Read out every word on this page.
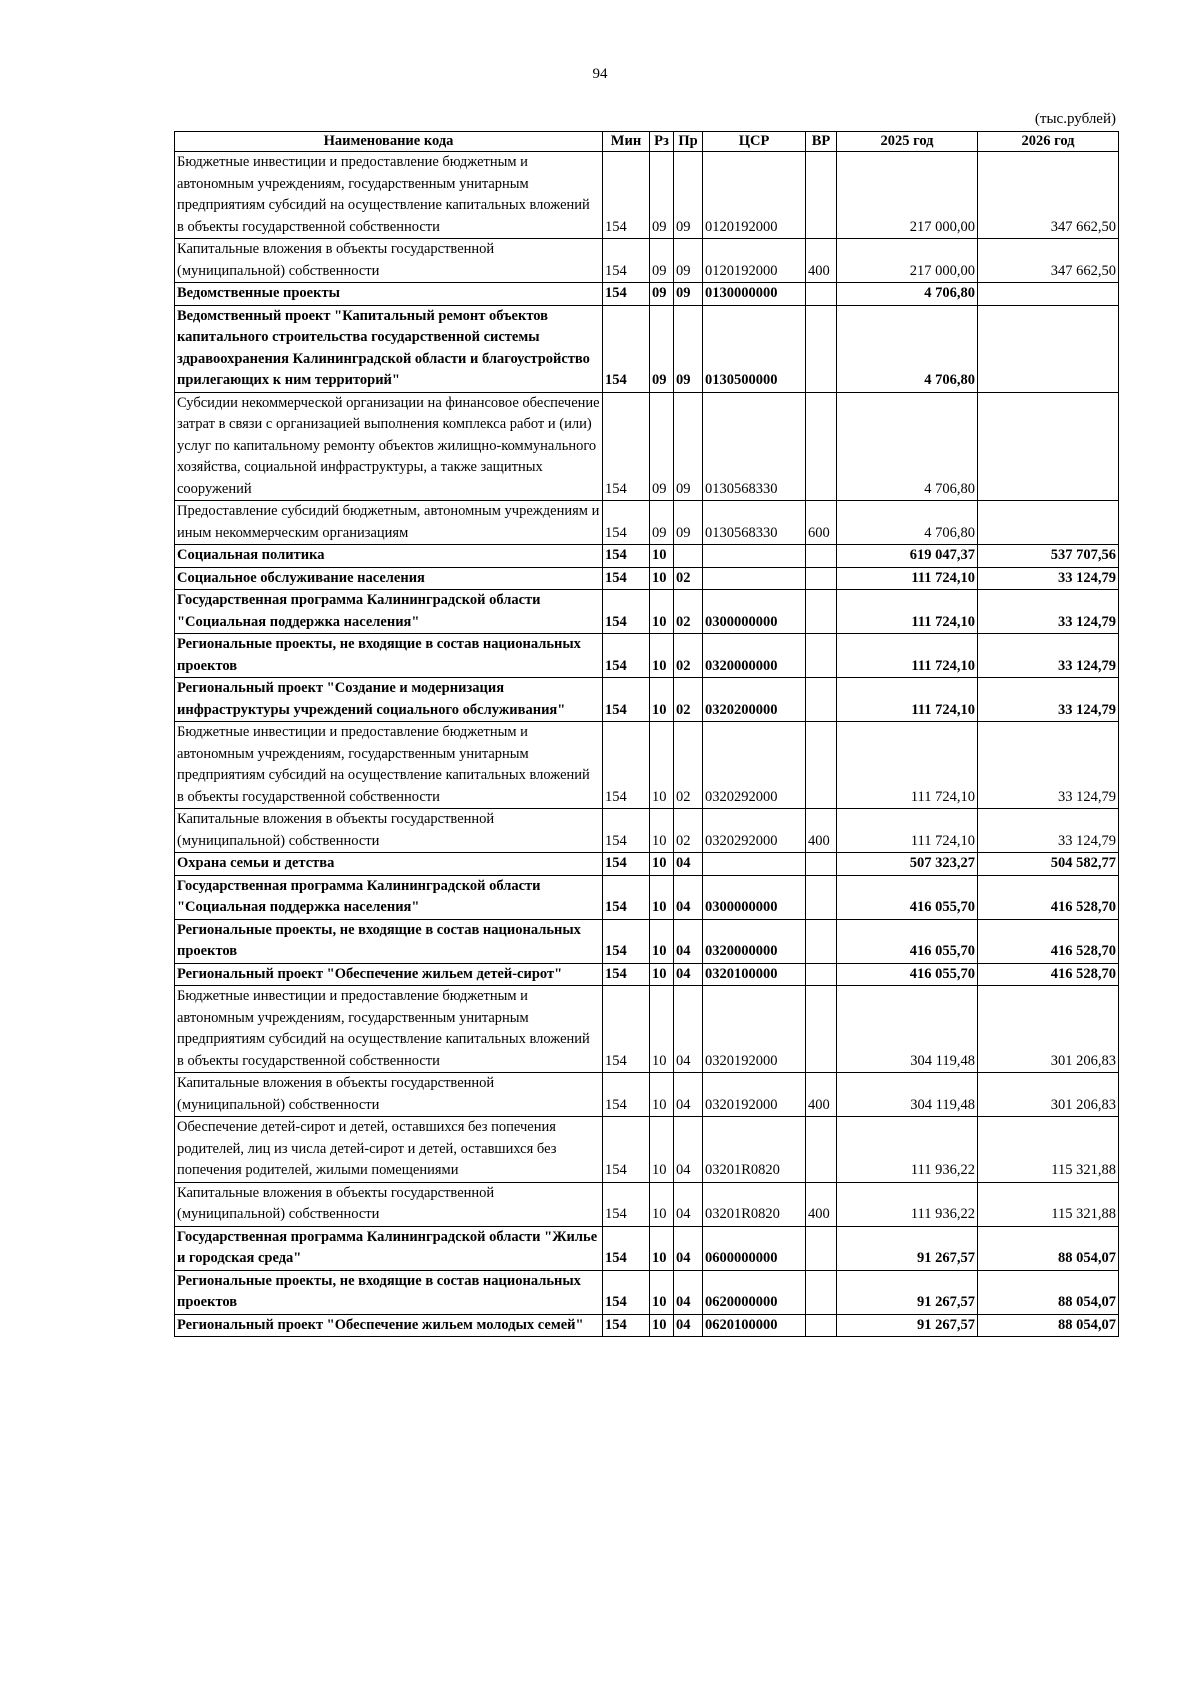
94
(тыс.рублей)
Наименование кода	Мин	Рз	Пр	ЦСР	ВР	2025 год	2026 год
Бюджетные инвестиции и предоставление бюджетным и автономным учреждениям, государственным унитарным предприятиям субсидий на осуществление капитальных вложений в объекты государственной собственности	154	09	09	0120192000		217 000,00	347 662,50
Капитальные вложения в объекты государственной (муниципальной) собственности	154	09	09	0120192000	400	217 000,00	347 662,50
Ведомственные проекты	154	09	09	0130000000		4 706,80	
Ведомственный проект "Капитальный ремонт объектов капитального строительства государственной системы здравоохранения Калининградской области и благоустройство прилегающих к ним территорий"	154	09	09	0130500000		4 706,80	
Субсидии некоммерческой организации на финансовое обеспечение затрат в связи с организацией выполнения комплекса работ и (или) услуг по капитальному ремонту объектов жилищно-коммунального хозяйства, социальной инфраструктуры, а также защитных сооружений	154	09	09	0130568330		4 706,80	
Предоставление субсидий бюджетным, автономным учреждениям и иным некоммерческим организациям	154	09	09	0130568330	600	4 706,80	
Социальная политика	154	10				619 047,37	537 707,56
Социальное обслуживание населения	154	10	02			111 724,10	33 124,79
Государственная программа Калининградской области "Социальная поддержка населения"	154	10	02	0300000000		111 724,10	33 124,79
Региональные проекты, не входящие в состав национальных проектов	154	10	02	0320000000		111 724,10	33 124,79
Региональный проект "Создание и модернизация инфраструктуры учреждений социального обслуживания"	154	10	02	0320200000		111 724,10	33 124,79
Бюджетные инвестиции и предоставление бюджетным и автономным учреждениям, государственным унитарным предприятиям субсидий на осуществление капитальных вложений в объекты государственной собственности	154	10	02	0320292000		111 724,10	33 124,79
Капитальные вложения в объекты государственной (муниципальной) собственности	154	10	02	0320292000	400	111 724,10	33 124,79
Охрана семьи и детства	154	10	04			507 323,27	504 582,77
Государственная программа Калининградской области "Социальная поддержка населения"	154	10	04	0300000000		416 055,70	416 528,70
Региональные проекты, не входящие в состав национальных проектов	154	10	04	0320000000		416 055,70	416 528,70
Региональный проект "Обеспечение жильем детей-сирот"	154	10	04	0320100000		416 055,70	416 528,70
Бюджетные инвестиции и предоставление бюджетным и автономным учреждениям, государственным унитарным предприятиям субсидий на осуществление капитальных вложений в объекты государственной собственности	154	10	04	0320192000		304 119,48	301 206,83
Капитальные вложения в объекты государственной (муниципальной) собственности	154	10	04	0320192000	400	304 119,48	301 206,83
Обеспечение детей-сирот и детей, оставшихся без попечения родителей, лиц из числа детей-сирот и детей, оставшихся без попечения родителей, жилыми помещениями	154	10	04	03201R0820		111 936,22	115 321,88
Капитальные вложения в объекты государственной (муниципальной) собственности	154	10	04	03201R0820	400	111 936,22	115 321,88
Государственная программа Калининградской области "Жилье и городская среда"	154	10	04	0600000000		91 267,57	88 054,07
Региональные проекты, не входящие в состав национальных проектов	154	10	04	0620000000		91 267,57	88 054,07
Региональный проект "Обеспечение жильем молодых семей"	154	10	04	0620100000		91 267,57	88 054,07
